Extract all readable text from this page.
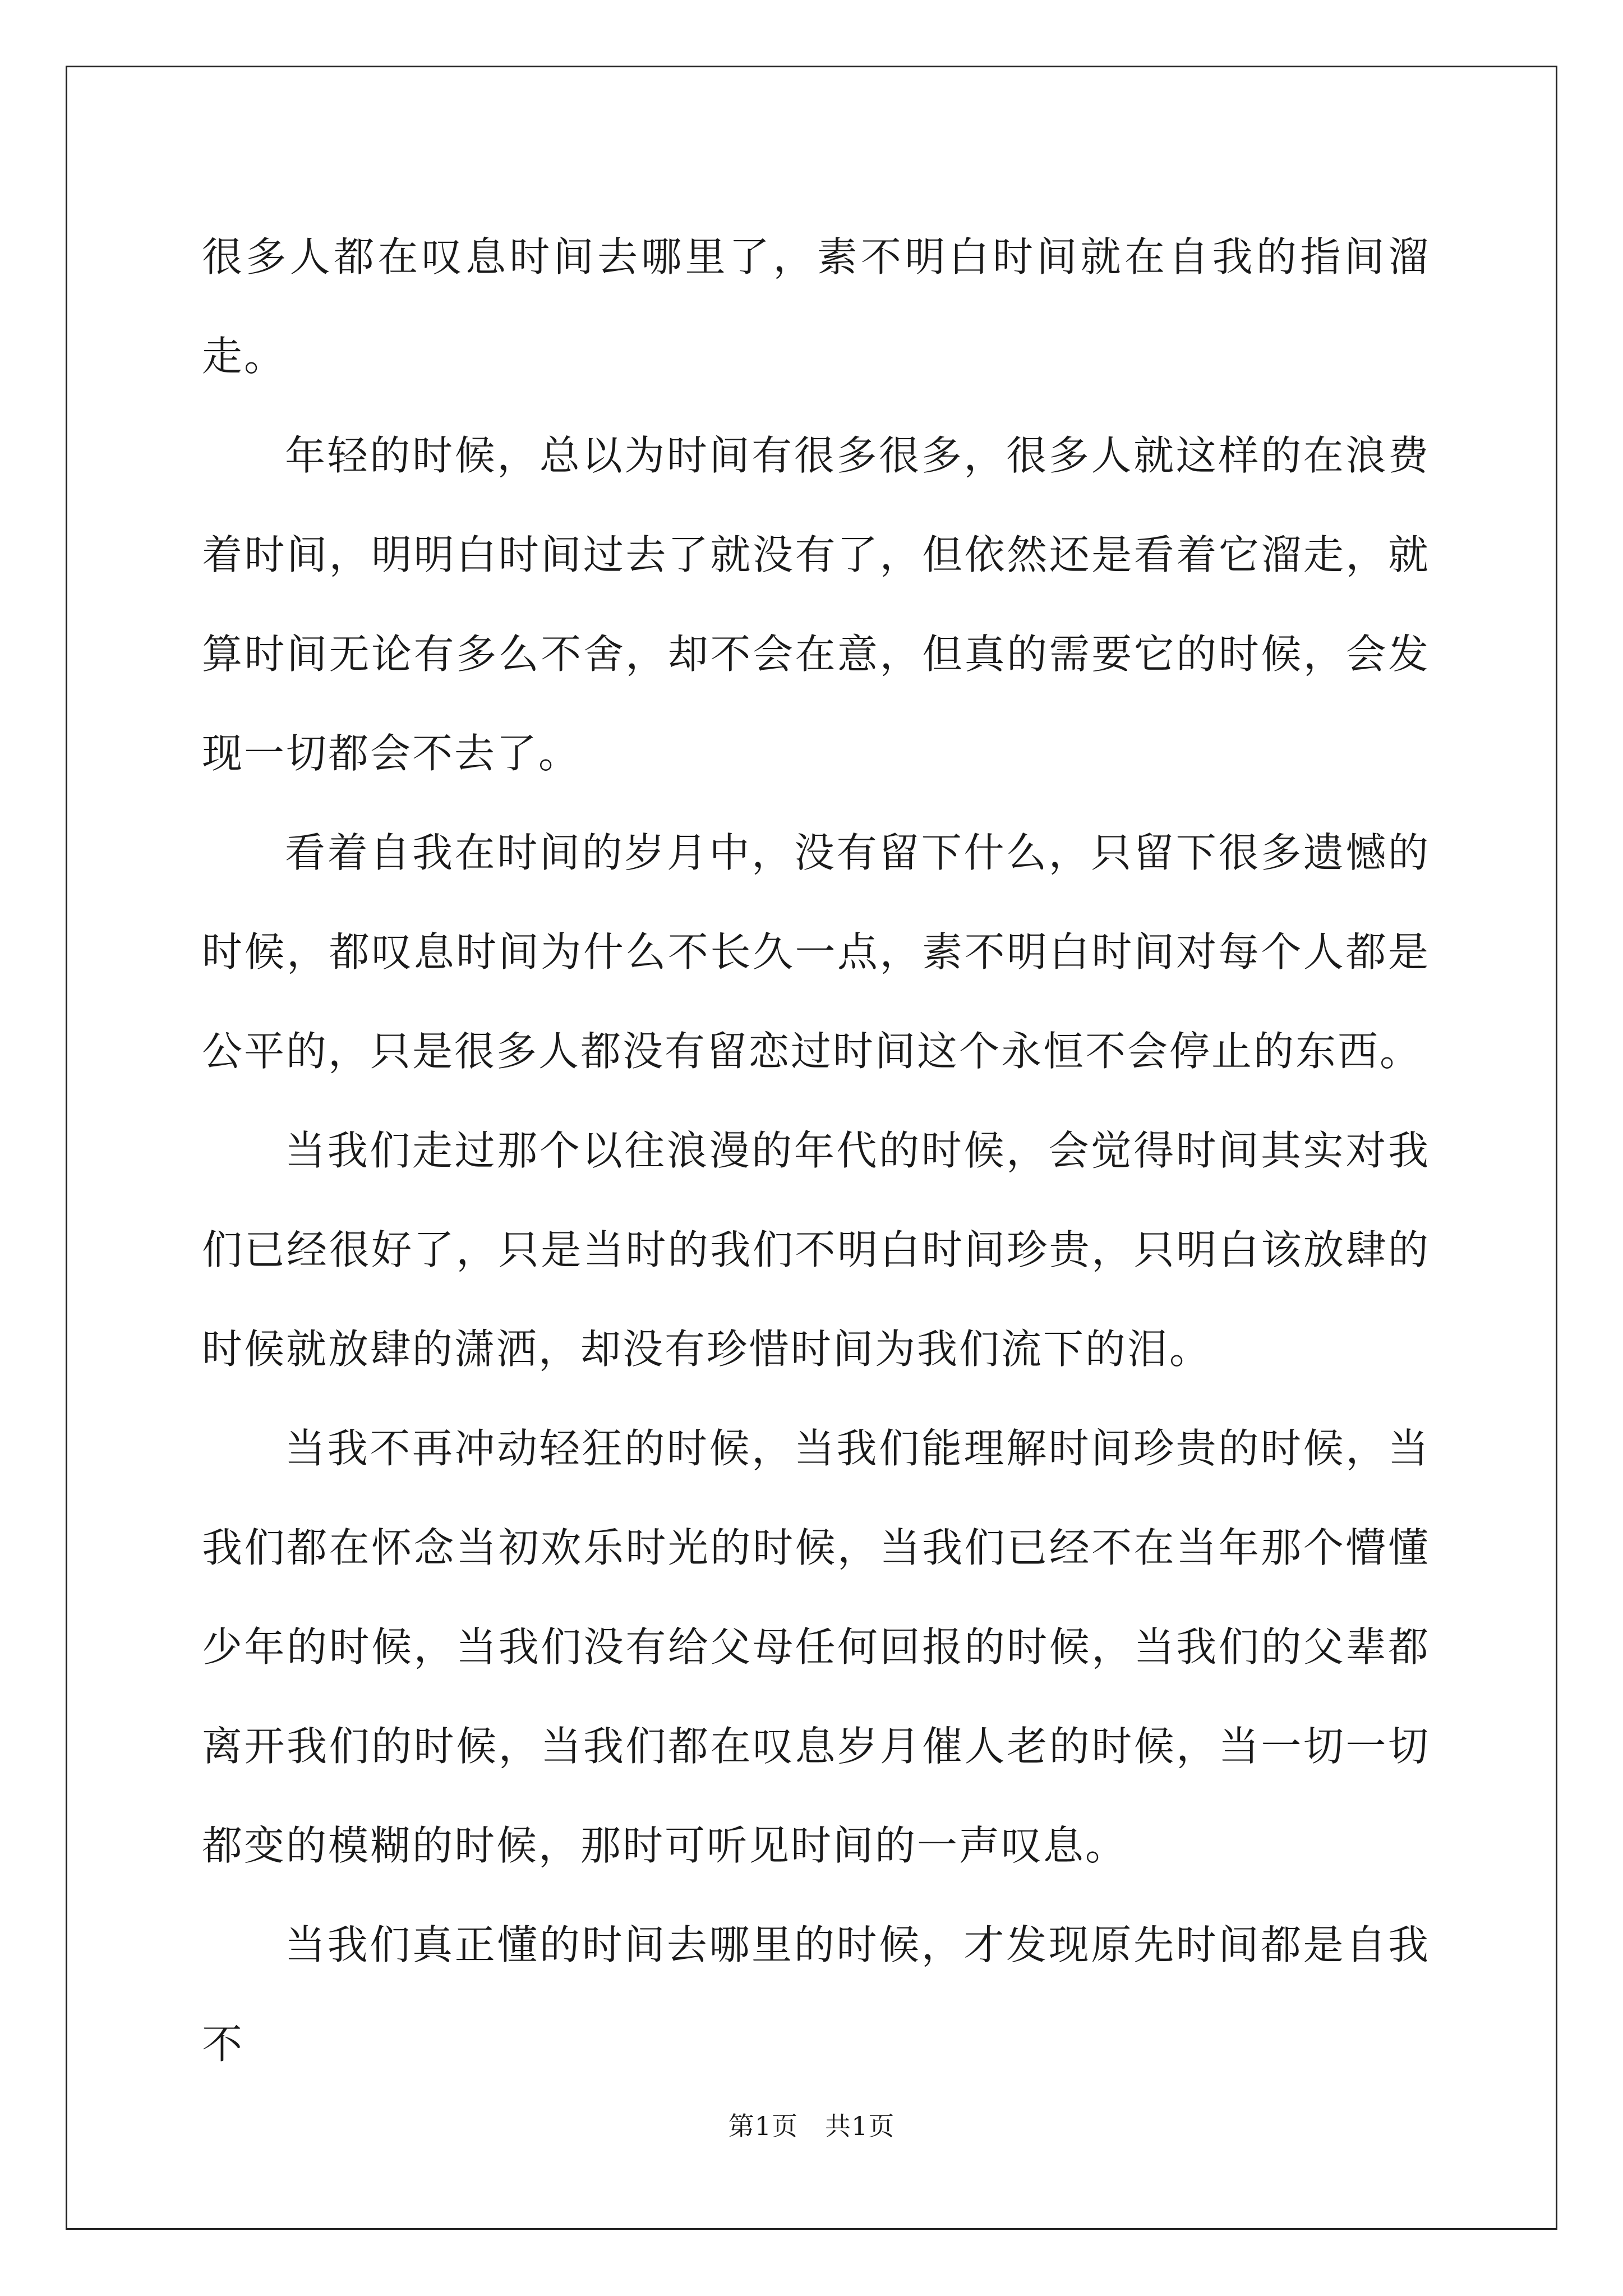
很多人都在叹息时间去哪里了，素不明白时间就在自我的指间溜走。

年轻的时候，总以为时间有很多很多，很多人就这样的在浪费着时间，明明白时间过去了就没有了，但依然还是看着它溜走，就算时间无论有多么不舍，却不会在意，但真的需要它的时候，会发现一切都会不去了。

看着自我在时间的岁月中，没有留下什么，只留下很多遗憾的时候，都叹息时间为什么不长久一点，素不明白时间对每个人都是公平的，只是很多人都没有留恋过时间这个永恒不会停止的东西。

当我们走过那个以往浪漫的年代的时候，会觉得时间其实对我们已经很好了，只是当时的我们不明白时间珍贵，只明白该放肆的时候就放肆的潇洒，却没有珍惜时间为我们流下的泪。

当我不再冲动轻狂的时候，当我们能理解时间珍贵的时候，当我们都在怀念当初欢乐时光的时候，当我们已经不在当年那个懵懂少年的时候，当我们没有给父母任何回报的时候，当我们的父辈都离开我们的时候，当我们都在叹息岁月催人老的时候，当一切一切都变的模糊的时候，那时可听见时间的一声叹息。

当我们真正懂的时间去哪里的时候，才发现原先时间都是自我不

第1页 共1页
